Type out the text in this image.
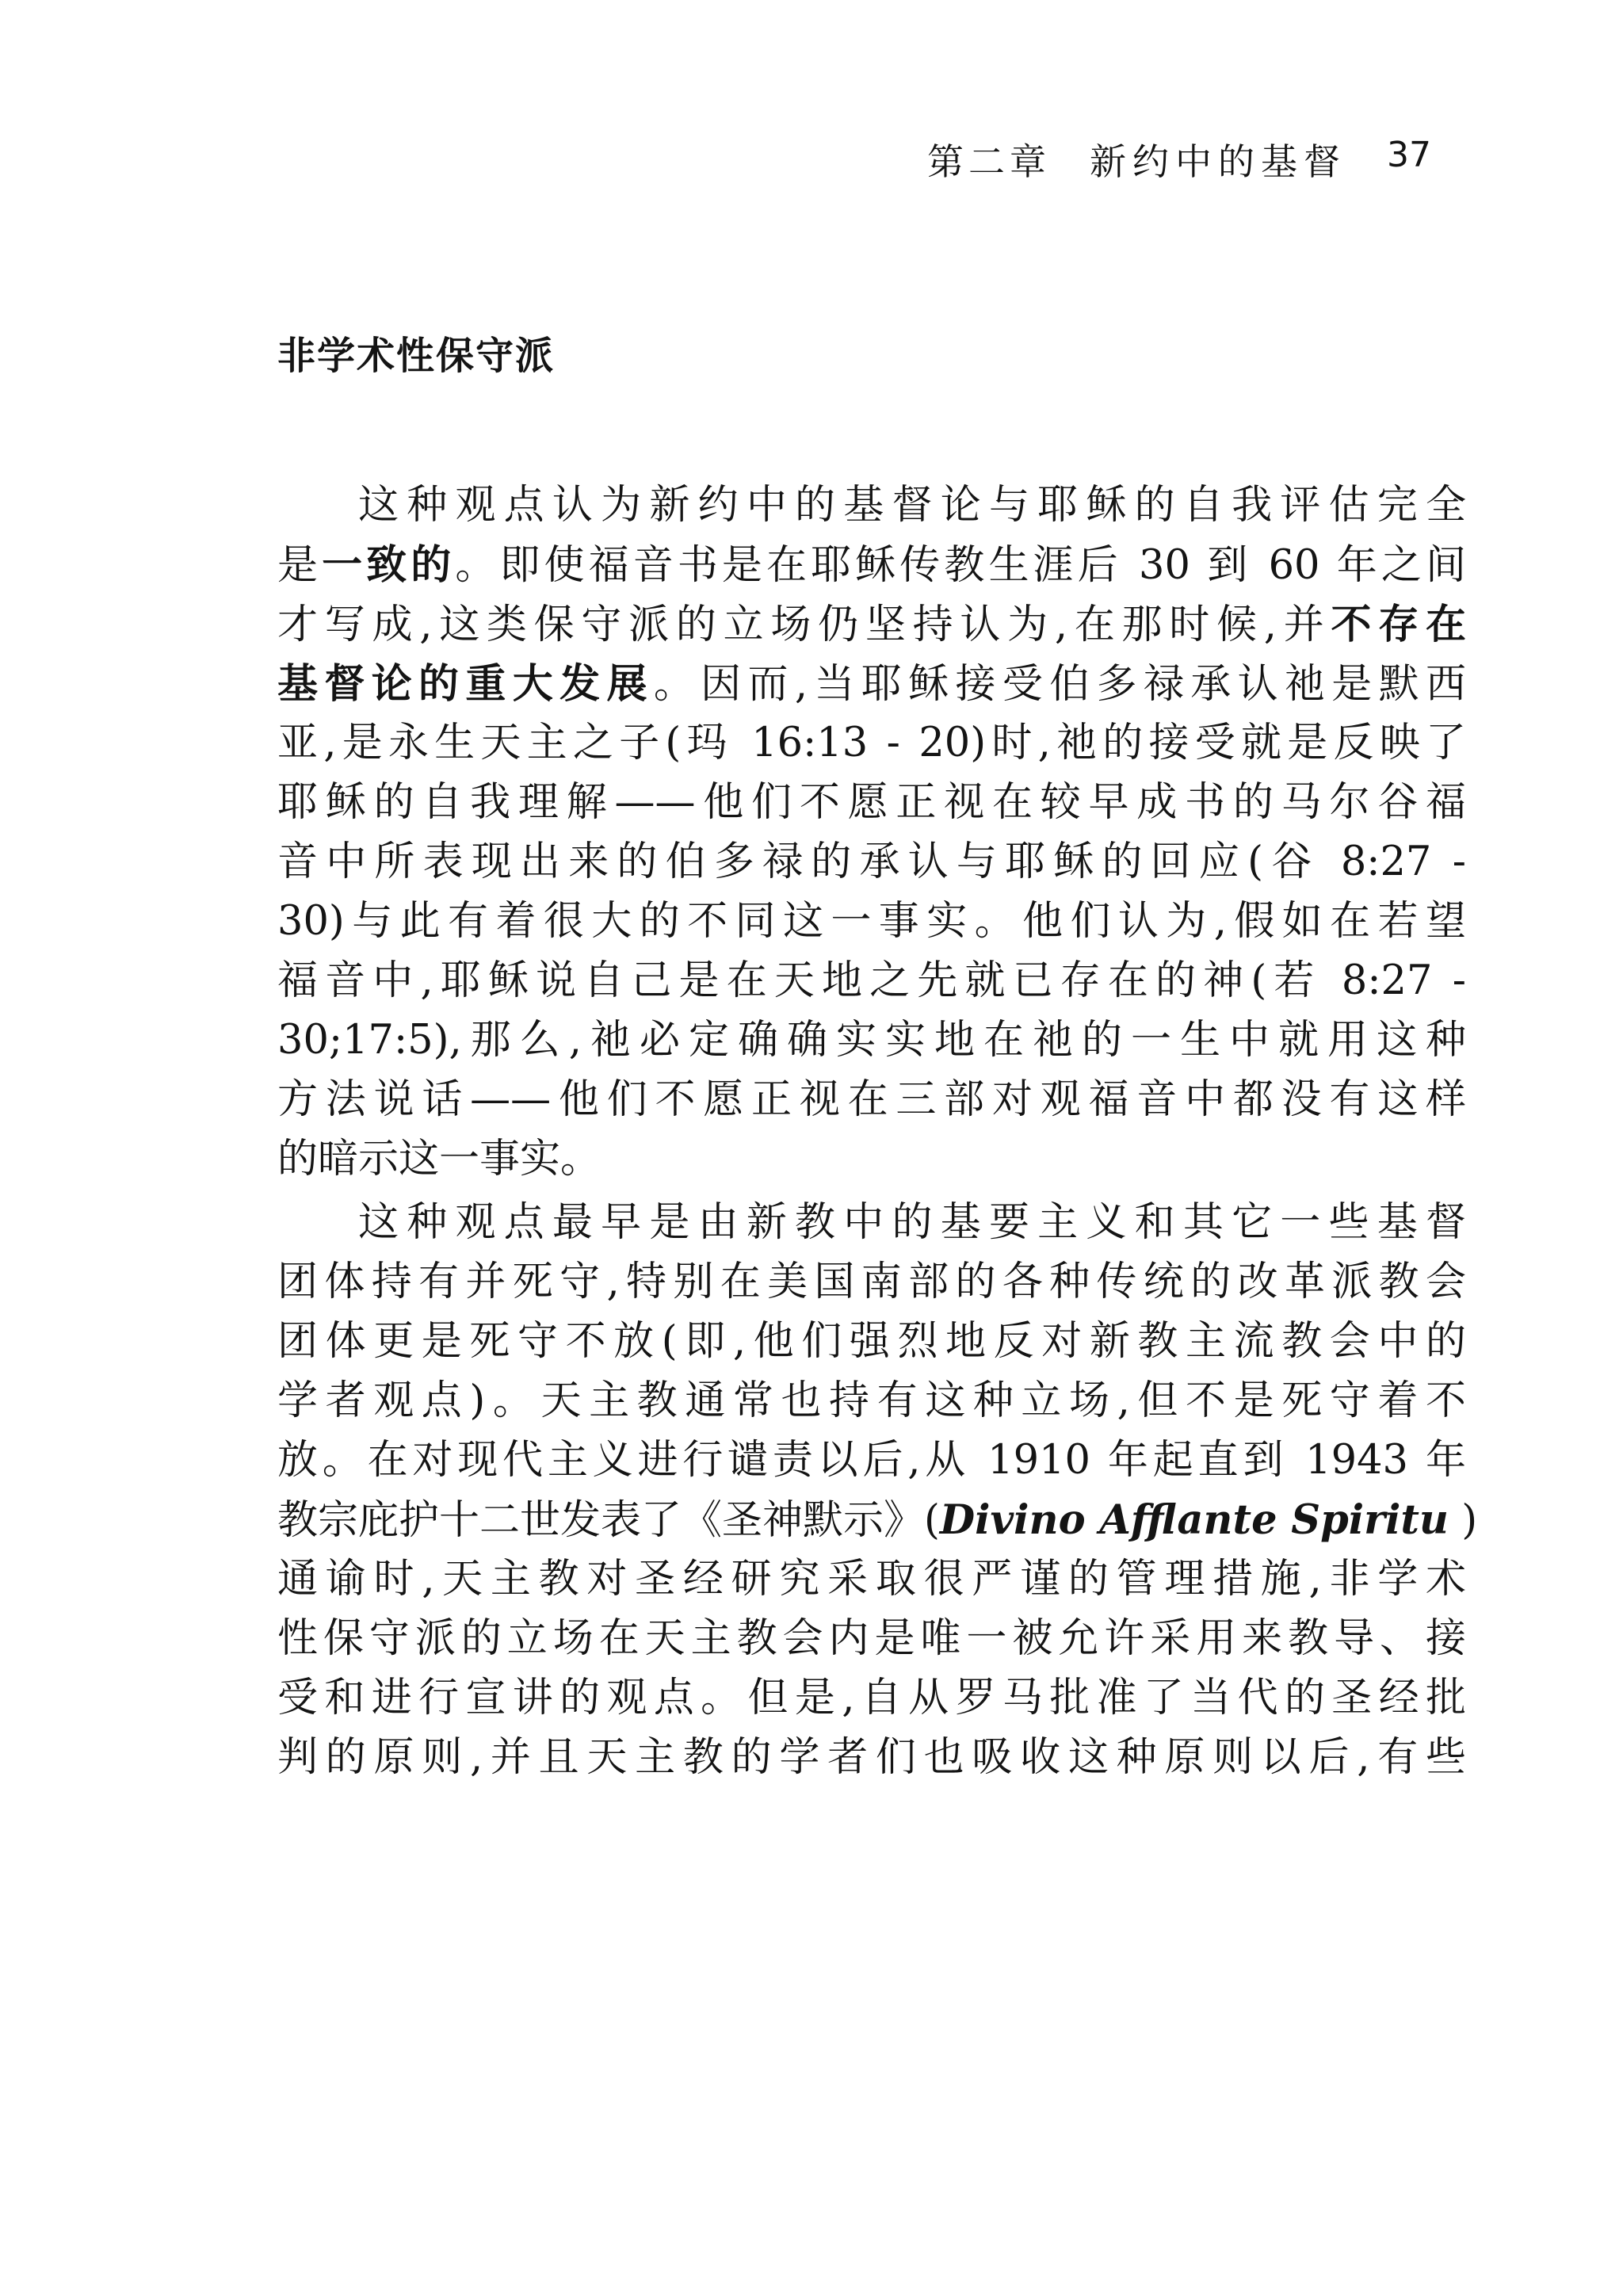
第二章 新约中的基督 37
非学术性保守派
这种观点认为新约中的基督论与耶稣的自我评估完全
是一致的。即使福音书是在耶稣传教生涯后 30 到 60 年之间
才写成,这类保守派的立场仍坚持认为,在那时候,并不存在
基督论的重大发展。因而,当耶稣接受伯多禄承认祂是默西
亚,是永生天主之子(玛 16:13 - 20)时,祂的接受就是反映了
耶稣的自我理解——他们不愿正视在较早成书的马尔谷福
音中所表现出来的伯多禄的承认与耶稣的回应(谷 8:27 -
30)与此有着很大的不同这一事实。他们认为,假如在若望
福音中,耶稣说自己是在天地之先就已存在的神(若 8:27 -
30;17:5),那么,祂必定确确实实地在祂的一生中就用这种
方法说话——他们不愿正视在三部对观福音中都没有这样
的暗示这一事实。
这种观点最早是由新教中的基要主义和其它一些基督
团体持有并死守,特别在美国南部的各种传统的改革派教会
团体更是死守不放(即,他们强烈地反对新教主流教会中的
学者观点)。天主教通常也持有这种立场,但不是死守着不
放。在对现代主义进行谴责以后,从 1910 年起直到 1943 年
教宗庇护十二世发表了《圣神默示》(Divino Afflante Spiritu )
通谕时,天主教对圣经研究采取很严谨的管理措施,非学术
性保守派的立场在天主教会内是唯一被允许采用来教导、接
受和进行宣讲的观点。但是,自从罗马批准了当代的圣经批
判的原则,并且天主教的学者们也吸收这种原则以后,有些
